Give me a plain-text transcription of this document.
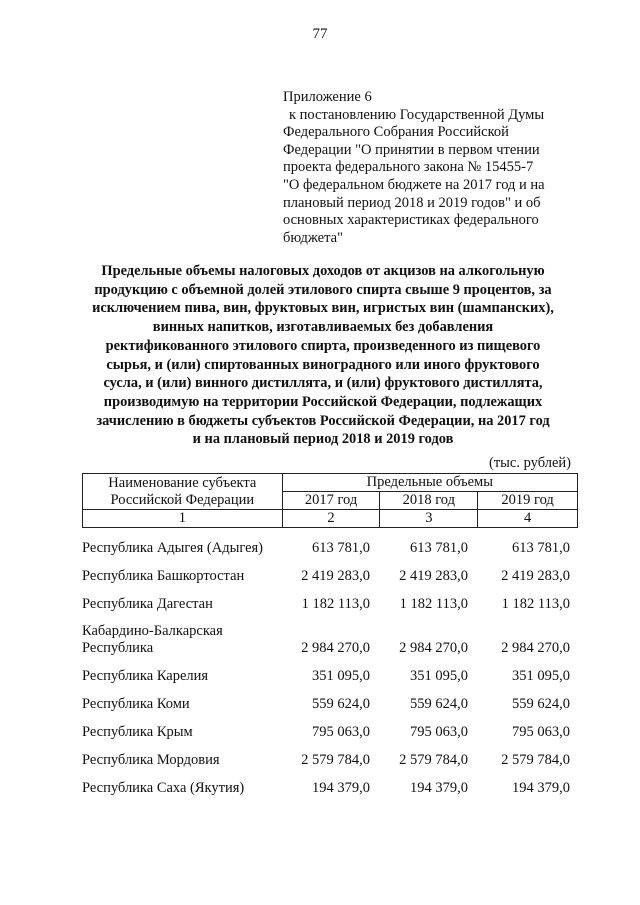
77
Приложение 6
к постановлению Государственной Думы
Федерального Собрания Российской
Федерации "О принятии в первом чтении
проекта федерального закона № 15455-7
"О федеральном бюджете на 2017 год и на
плановый период 2018 и 2019 годов" и об
основных характеристиках федерального
бюджета"
Предельные объемы налоговых доходов от акцизов на алкогольную
продукцию с объемной долей этилового спирта свыше 9 процентов, за
исключением пива, вин, фруктовых вин, игристых вин (шампанских),
винных напитков, изготавливаемых без добавления
ректификованного этилового спирта, произведенного из пищевого
сырья, и (или) спиртованных виноградного или иного фруктового
сусла, и (или) винного дистиллята, и (или) фруктового дистиллята,
производимую на территории Российской Федерации, подлежащих
зачислению в бюджеты субъектов Российской Федерации, на 2017 год
и на плановый период 2018 и 2019 годов
(тыс. рублей)
Наименование субъекта
Российской Федерации	Предельные объемы		
	2017 год	2018 год	2019 год
1	2	3	4
Республика Адыгея (Адыгея)	613 781,0	613 781,0	613 781,0
Республика Башкортостан	2 419 283,0	2 419 283,0	2 419 283,0
Республика Дагестан	1 182 113,0	1 182 113,0	1 182 113,0
Кабардино-Балкарская
Республика	2 984 270,0	2 984 270,0	2 984 270,0
Республика Карелия	351 095,0	351 095,0	351 095,0
Республика Коми	559 624,0	559 624,0	559 624,0
Республика Крым	795 063,0	795 063,0	795 063,0
Республика Мордовия	2 579 784,0	2 579 784,0	2 579 784,0
Республика Саха (Якутия)	194 379,0	194 379,0	194 379,0
